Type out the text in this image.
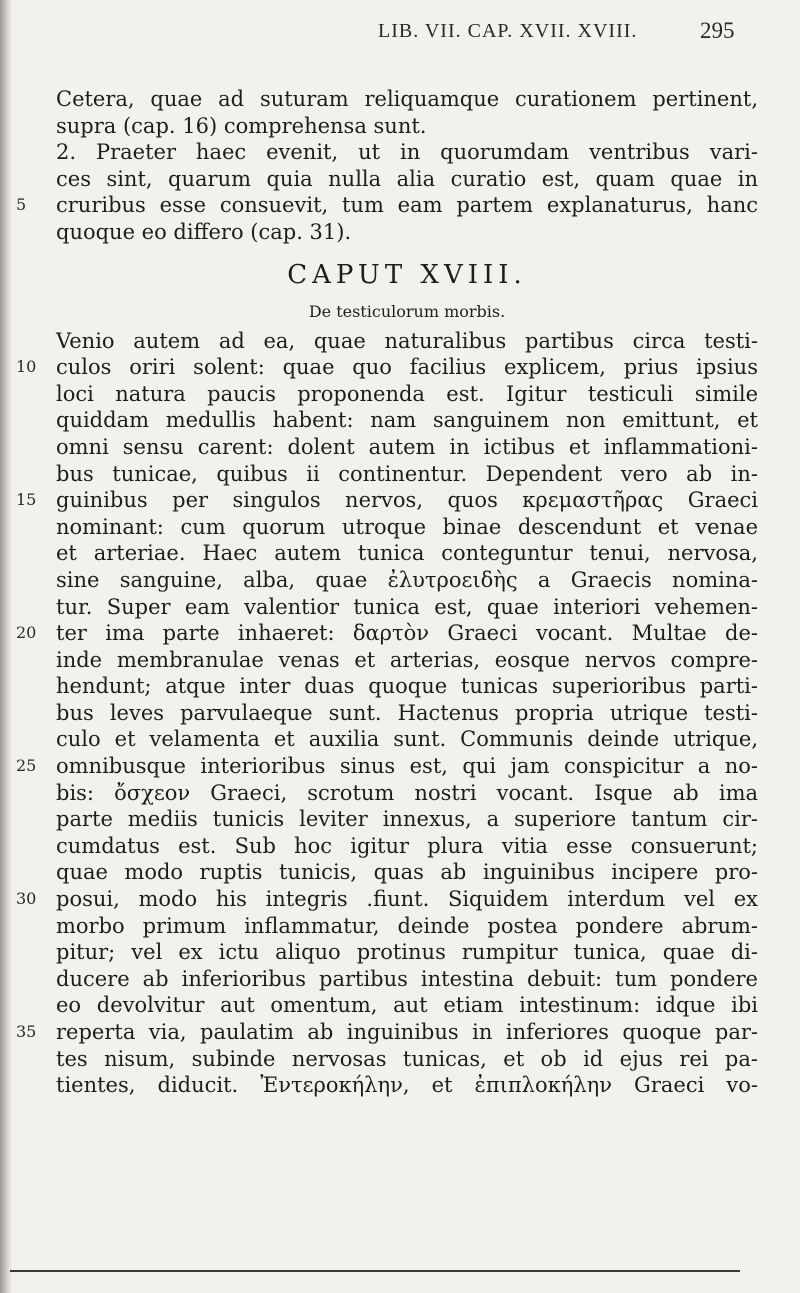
LIB. VII. CAP. XVII. XVIII.	295
Cetera, quae ad suturam reliquamque curationem pertinent,
supra (cap. 16) comprehensa sunt.
2. Praeter haec evenit, ut in quorumdam ventribus vari-
ces sint, quarum quia nulla alia curatio est, quam quae in
5	cruribus esse consuevit, tum eam partem explanaturus, hanc
quoque eo differo (cap. 31).
CAPUT XVIII.
De testiculorum morbis.
Venio autem ad ea, quae naturalibus partibus circa testi-
10 culos oriri solent: quae quo facilius explicem, prius ipsius
loci natura paucis proponenda est. Igitur testiculi simile
quiddam medullis habent: nam sanguinem non emittunt, et
omni sensu carent: dolent autem in ictibus et inflammationi-
bus tunicae, quibus ii continentur. Dependent vero ab in-
15 guinibus per singulos nervos, quos κρεμαστῆρας Graeci
nominant: cum quorum utroque binae descendunt et venae
et arteriae. Haec autem tunica conteguntur tenui, nervosa,
sine sanguine, alba, quae ἐλυτροειδὴς a Graecis nomina-
tur. Super eam valentior tunica est, quae interiori vehemen-
20 ter ima parte inhaeret: δαρτὸν Graeci vocant. Multae de-
inde membranulae venas et arterias, eosque nervos compre-
hendunt; atque inter duas quoque tunicas superioribus parti-
bus leves parvulaeque sunt. Hactenus propria utrique testi-
culo et velamenta et auxilia sunt. Communis deinde utrique,
25 omnibusque interioribus sinus est, qui jam conspicitur a no-
bis: ὄσχεον Graeci, scrotum nostri vocant. Isque ab ima
parte mediis tunicis leviter innexus, a superiore tantum cir-
cumdatus est. Sub hoc igitur plura vitia esse consuerunt;
quae modo ruptis tunicis, quas ab inguinibus incipere pro-
30 posui, modo his integris .fiunt. Siquidem interdum vel ex
morbo primum inflammatur, deinde postea pondere abrum-
pitur; vel ex ictu aliquo protinus rumpitur tunica, quae di-
ducere ab inferioribus partibus intestina debuit: tum pondere
eo devolvitur aut omentum, aut etiam intestinum: idque ibi
35 reperta via, paulatim ab inguinibus in inferiores quoque par-
tes nisum, subinde nervosas tunicas, et ob id ejus rei pa-
tientes, diducit. Ἐντεροκήλην, et ἐπιπλοκήλην Graeci vo-
